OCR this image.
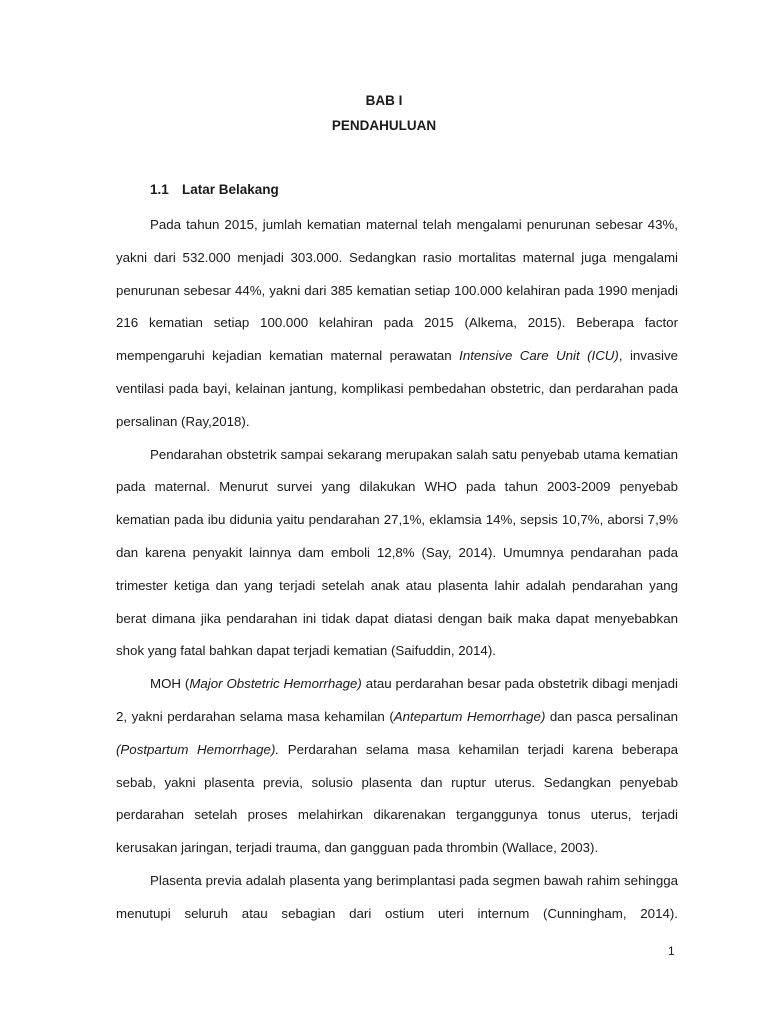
BAB I
PENDAHULUAN
1.1 Latar Belakang

Pada tahun 2015, jumlah kematian maternal telah mengalami penurunan sebesar 43%, yakni dari 532.000 menjadi 303.000. Sedangkan rasio mortalitas maternal juga mengalami penurunan sebesar 44%, yakni dari 385 kematian setiap 100.000 kelahiran pada 1990 menjadi 216 kematian setiap 100.000 kelahiran pada 2015 (Alkema, 2015). Beberapa factor mempengaruhi kejadian kematian maternal perawatan Intensive Care Unit (ICU), invasive ventilasi pada bayi, kelainan jantung, komplikasi pembedahan obstetric, dan perdarahan pada persalinan (Ray,2018).

Pendarahan obstetrik sampai sekarang merupakan salah satu penyebab utama kematian pada maternal. Menurut survei yang dilakukan WHO pada tahun 2003-2009 penyebab kematian pada ibu didunia yaitu pendarahan 27,1%, eklamsia 14%, sepsis 10,7%, aborsi 7,9% dan karena penyakit lainnya dam emboli 12,8% (Say, 2014). Umumnya pendarahan pada trimester ketiga dan yang terjadi setelah anak atau plasenta lahir adalah pendarahan yang berat dimana jika pendarahan ini tidak dapat diatasi dengan baik maka dapat menyebabkan shok yang fatal bahkan dapat terjadi kematian (Saifuddin, 2014).

MOH (Major Obstetric Hemorrhage) atau perdarahan besar pada obstetrik dibagi menjadi 2, yakni perdarahan selama masa kehamilan (Antepartum Hemorrhage) dan pasca persalinan (Postpartum Hemorrhage). Perdarahan selama masa kehamilan terjadi karena beberapa sebab, yakni plasenta previa, solusio plasenta dan ruptur uterus. Sedangkan penyebab perdarahan setelah proses melahirkan dikarenakan terganggunya tonus uterus, terjadi kerusakan jaringan, terjadi trauma, dan gangguan pada thrombin (Wallace, 2003).

Plasenta previa adalah plasenta yang berimplantasi pada segmen bawah rahim sehingga menutupi seluruh atau sebagian dari ostium uteri internum (Cunningham, 2014).

1
